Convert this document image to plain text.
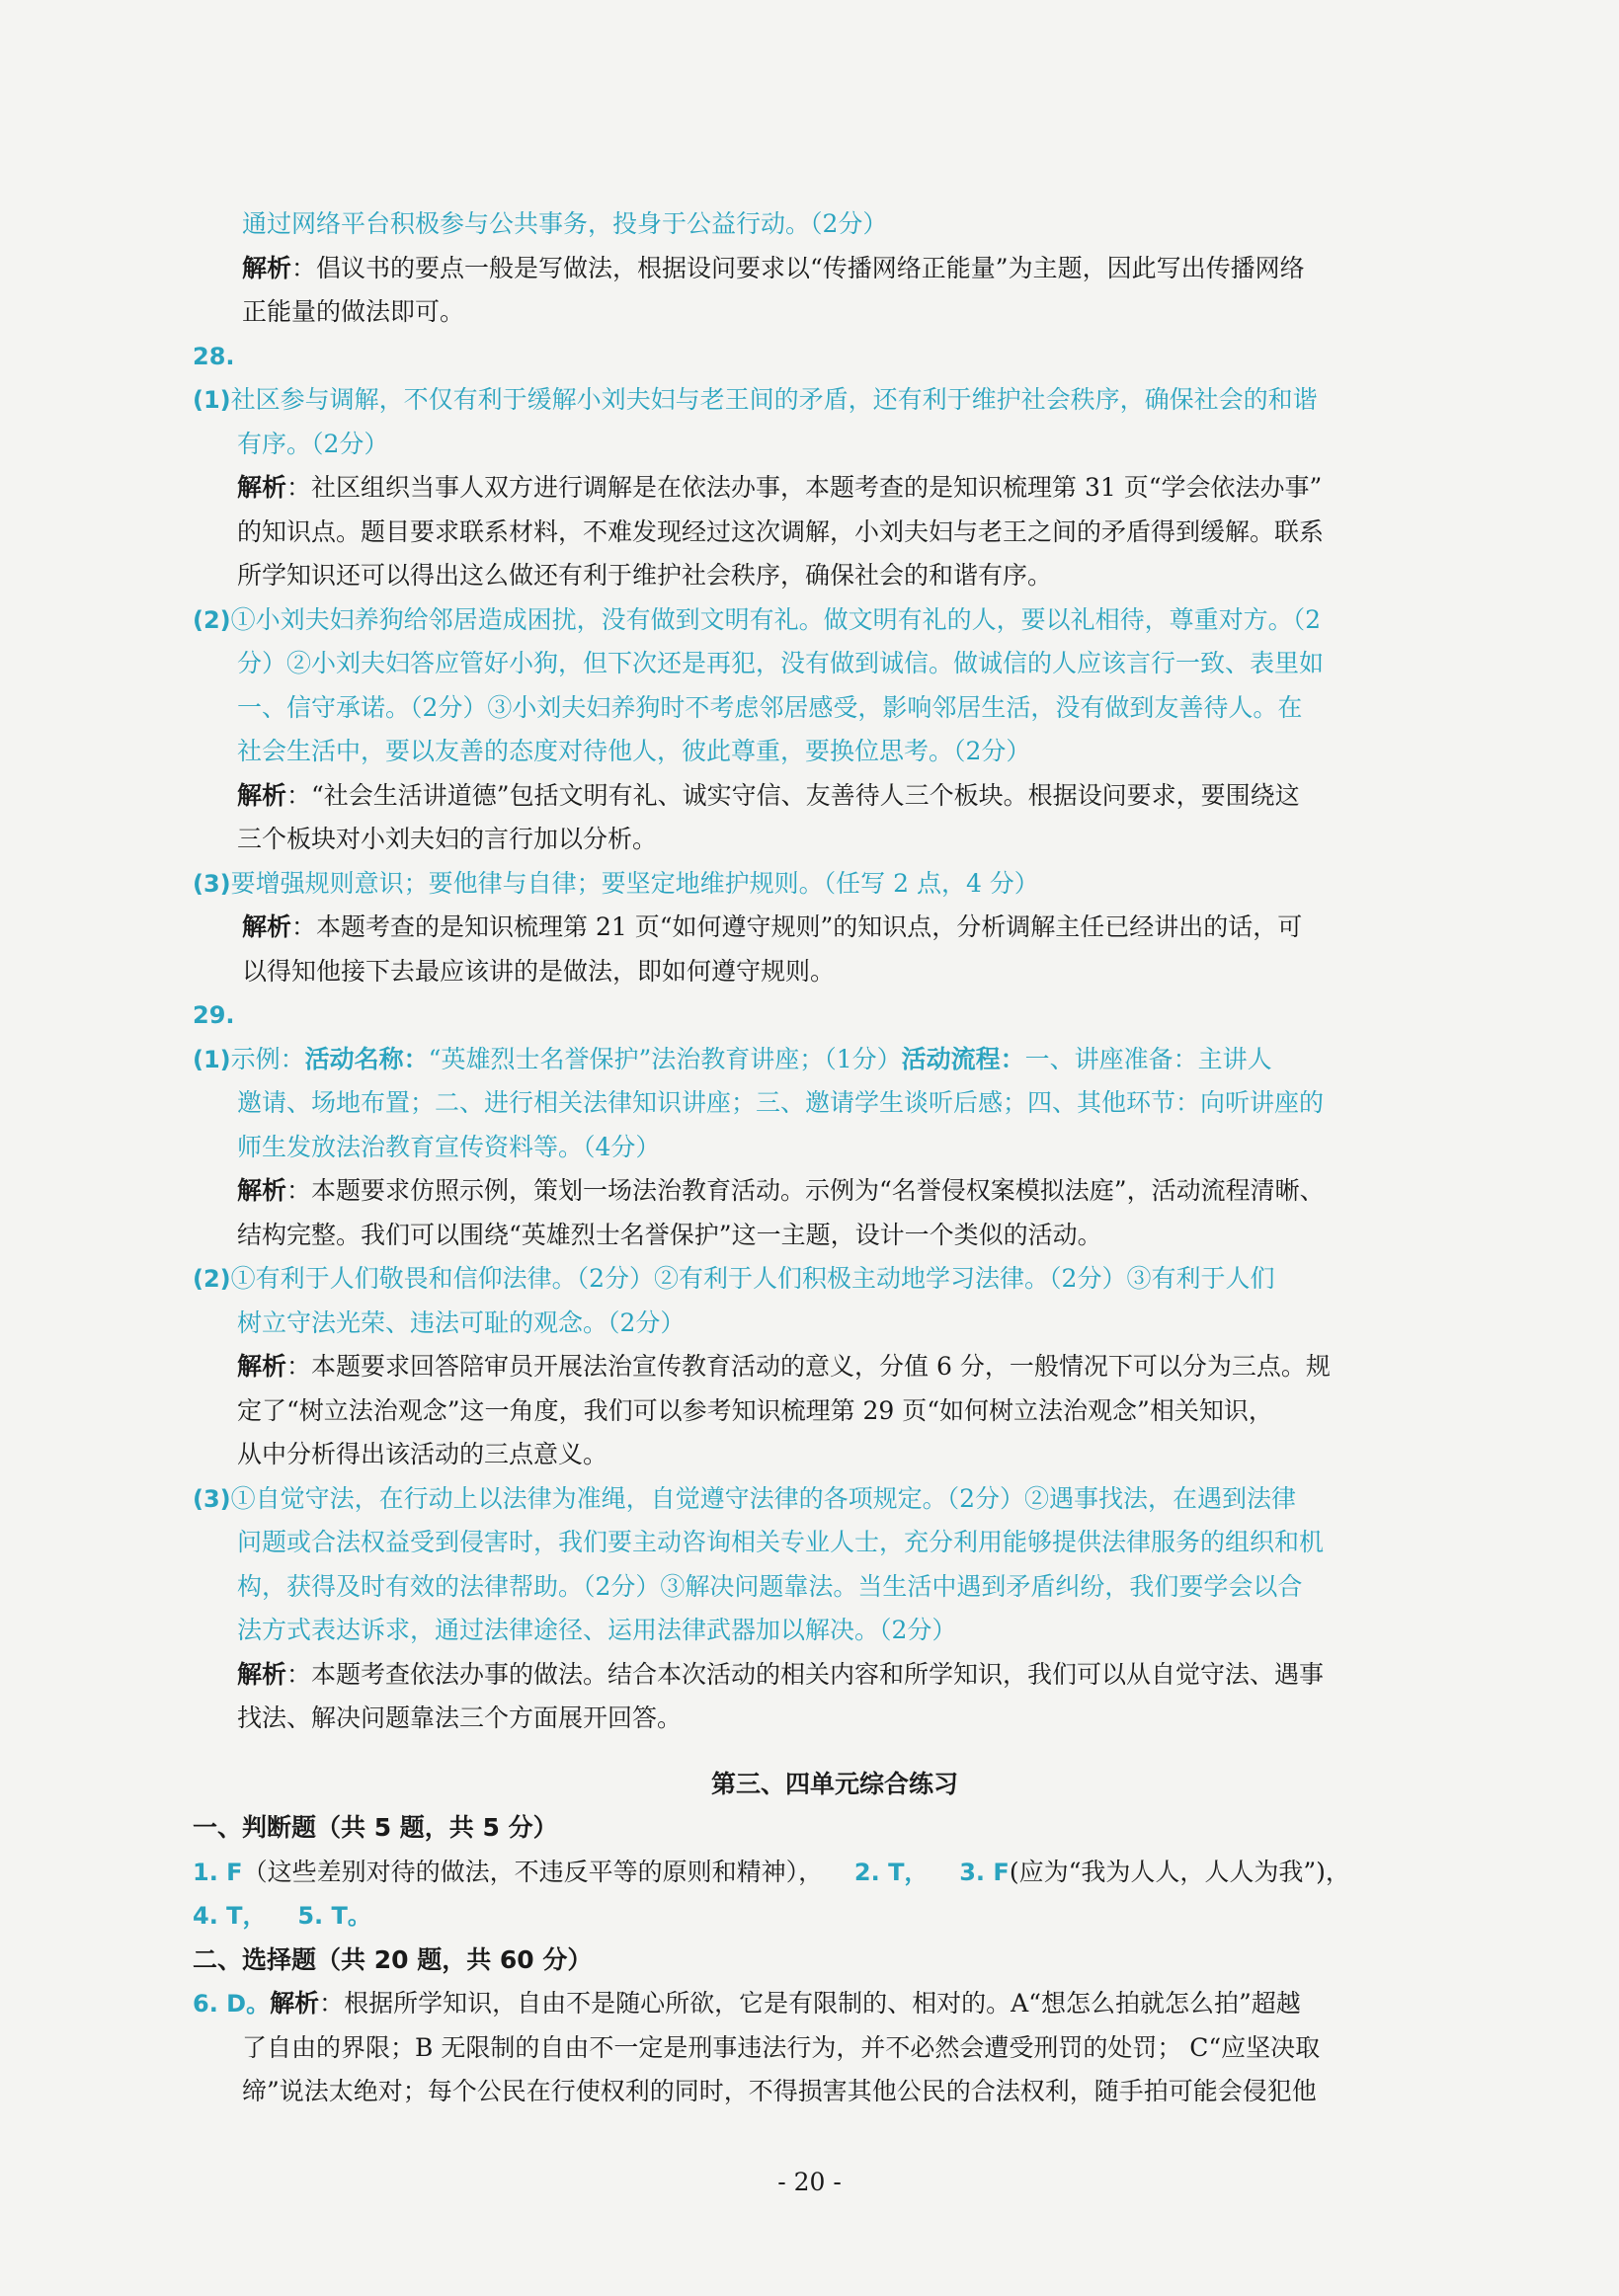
通过网络平台积极参与公共事务，投身于公益行动。（2分）
解析：倡议书的要点一般是写做法，根据设问要求以“传播网络正能量”为主题，因此写出传播网络
正能量的做法即可。
28.
(1)社区参与调解，不仅有利于缓解小刘夫妇与老王间的矛盾，还有利于维护社会秩序，确保社会的和谐
有序。（2分）
解析：社区组织当事人双方进行调解是在依法办事，本题考查的是知识梳理第 31 页“学会依法办事”
的知识点。题目要求联系材料，不难发现经过这次调解，小刘夫妇与老王之间的矛盾得到缓解。联系
所学知识还可以得出这么做还有利于维护社会秩序，确保社会的和谐有序。
(2)①小刘夫妇养狗给邻居造成困扰，没有做到文明有礼。做文明有礼的人，要以礼相待，尊重对方。（2
分）②小刘夫妇答应管好小狗，但下次还是再犯，没有做到诚信。做诚信的人应该言行一致、表里如
一、信守承诺。（2分）③小刘夫妇养狗时不考虑邻居感受，影响邻居生活，没有做到友善待人。在
社会生活中，要以友善的态度对待他人，彼此尊重，要换位思考。（2分）
解析：“社会生活讲道德”包括文明有礼、诚实守信、友善待人三个板块。根据设问要求，要围绕这
三个板块对小刘夫妇的言行加以分析。
(3)要增强规则意识；要他律与自律；要坚定地维护规则。（任写 2 点，4 分）
解析：本题考查的是知识梳理第 21 页“如何遵守规则”的知识点，分析调解主任已经讲出的话，可
以得知他接下去最应该讲的是做法，即如何遵守规则。
29.
(1)示例：活动名称：“英雄烈士名誉保护”法治教育讲座；（1分）活动流程：一、讲座准备：主讲人
邀请、场地布置；二、进行相关法律知识讲座；三、邀请学生谈听后感；四、其他环节：向听讲座的
师生发放法治教育宣传资料等。（4分）
解析：本题要求仿照示例，策划一场法治教育活动。示例为“名誉侵权案模拟法庭”，活动流程清晰、
结构完整。我们可以围绕“英雄烈士名誉保护”这一主题，设计一个类似的活动。
(2)①有利于人们敬畏和信仰法律。（2分）②有利于人们积极主动地学习法律。（2分）③有利于人们
树立守法光荣、违法可耻的观念。（2分）
解析：本题要求回答陪审员开展法治宣传教育活动的意义，分值 6 分，一般情况下可以分为三点。规
定了“树立法治观念”这一角度，我们可以参考知识梳理第 29 页“如何树立法治观念”相关知识，
从中分析得出该活动的三点意义。
(3)①自觉守法，在行动上以法律为准绳，自觉遵守法律的各项规定。（2分）②遇事找法，在遇到法律
问题或合法权益受到侵害时，我们要主动咨询相关专业人士，充分利用能够提供法律服务的组织和机
构，获得及时有效的法律帮助。（2分）③解决问题靠法。当生活中遇到矛盾纠纷，我们要学会以合
法方式表达诉求，通过法律途径、运用法律武器加以解决。（2分）
解析：本题考查依法办事的做法。结合本次活动的相关内容和所学知识，我们可以从自觉守法、遇事
找法、解决问题靠法三个方面展开回答。
第三、四单元综合练习
一、判断题（共 5 题，共 5 分）
1. F（这些差别对待的做法，不违反平等的原则和精神）， 2. T， 3. F(应为“我为人人，人人为我”)，
4. T， 5. T。
二、选择题（共 20 题，共 60 分）
6. D。解析：根据所学知识，自由不是随心所欲，它是有限制的、相对的。A“想怎么拍就怎么拍”超越
了自由的界限；B 无限制的自由不一定是刑事违法行为，并不必然会遭受刑罚的处罚； C“应坚决取
缔”说法太绝对；每个公民在行使权利的同时，不得损害其他公民的合法权利，随手拍可能会侵犯他
- 20 -
